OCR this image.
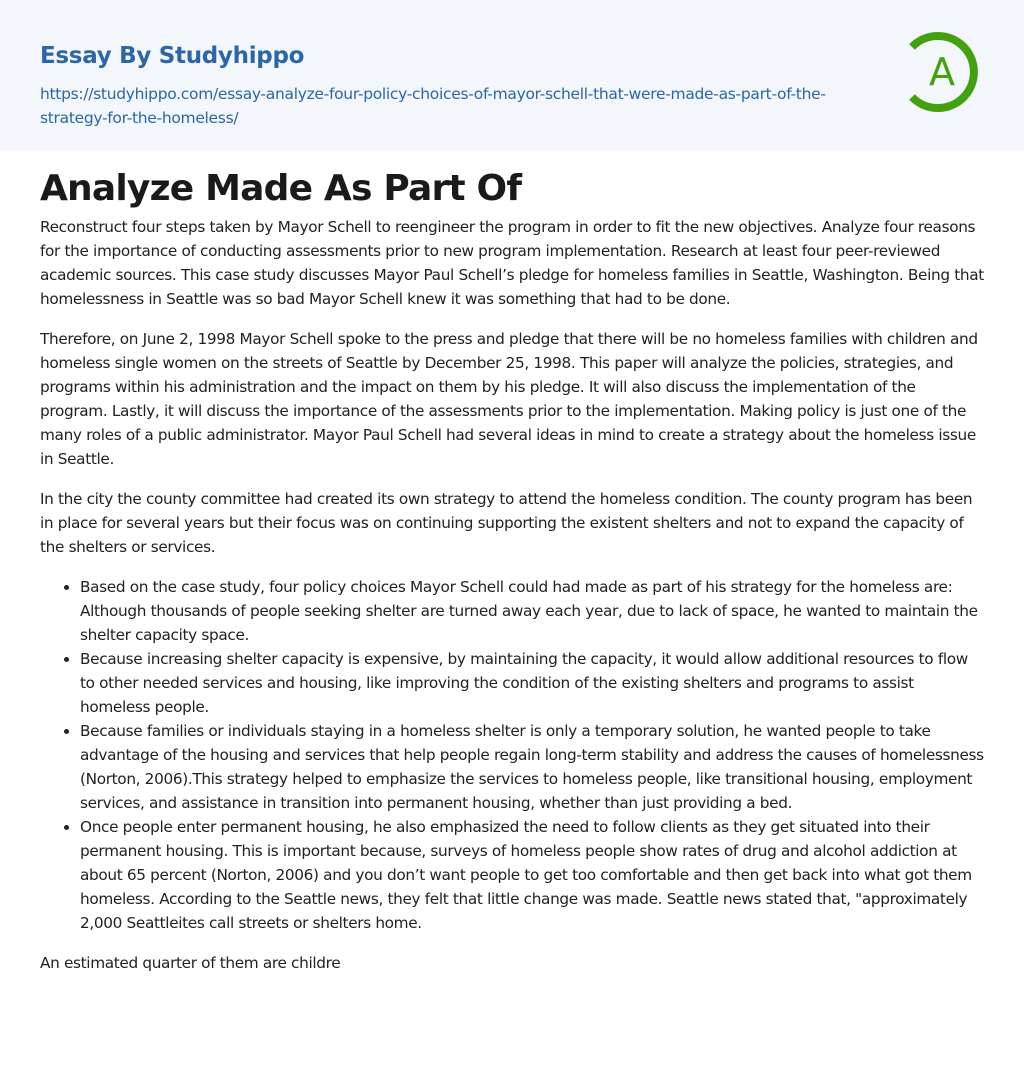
Essay By Studyhippo
https://studyhippo.com/essay-analyze-four-policy-choices-of-mayor-schell-that-were-made-as-part-of-the-strategy-for-the-homeless/
A
Analyze Made As Part Of

Reconstruct four steps taken by Mayor Schell to reengineer the program in order to fit the new objectives. Analyze four reasons for the importance of conducting assessments prior to new program implementation. Research at least four peer-reviewed academic sources. This case study discusses Mayor Paul Schell’s pledge for homeless families in Seattle, Washington. Being that homelessness in Seattle was so bad Mayor Schell knew it was something that had to be done.

Therefore, on June 2, 1998 Mayor Schell spoke to the press and pledge that there will be no homeless families with children and homeless single women on the streets of Seattle by December 25, 1998. This paper will analyze the policies, strategies, and programs within his administration and the impact on them by his pledge. It will also discuss the implementation of the program. Lastly, it will discuss the importance of the assessments prior to the implementation. Making policy is just one of the many roles of a public administrator. Mayor Paul Schell had several ideas in mind to create a strategy about the homeless issue in Seattle.

In the city the county committee had created its own strategy to attend the homeless condition. The county program has been in place for several years but their focus was on continuing supporting the existent shelters and not to expand the capacity of the shelters or services.

• Based on the case study, four policy choices Mayor Schell could had made as part of his strategy for the homeless are: Although thousands of people seeking shelter are turned away each year, due to lack of space, he wanted to maintain the shelter capacity space.
• Because increasing shelter capacity is expensive, by maintaining the capacity, it would allow additional resources to flow to other needed services and housing, like improving the condition of the existing shelters and programs to assist homeless people.
• Because families or individuals staying in a homeless shelter is only a temporary solution, he wanted people to take advantage of the housing and services that help people regain long-term stability and address the causes of homelessness (Norton, 2006).This strategy helped to emphasize the services to homeless people, like transitional housing, employment services, and assistance in transition into permanent housing, whether than just providing a bed.
• Once people enter permanent housing, he also emphasized the need to follow clients as they get situated into their permanent housing. This is important because, surveys of homeless people show rates of drug and alcohol addiction at about 65 percent (Norton, 2006) and you don’t want people to get too comfortable and then get back into what got them homeless. According to the Seattle news, they felt that little change was made. Seattle news stated that, "approximately 2,000 Seattleites call streets or shelters home.

An estimated quarter of them are childre
